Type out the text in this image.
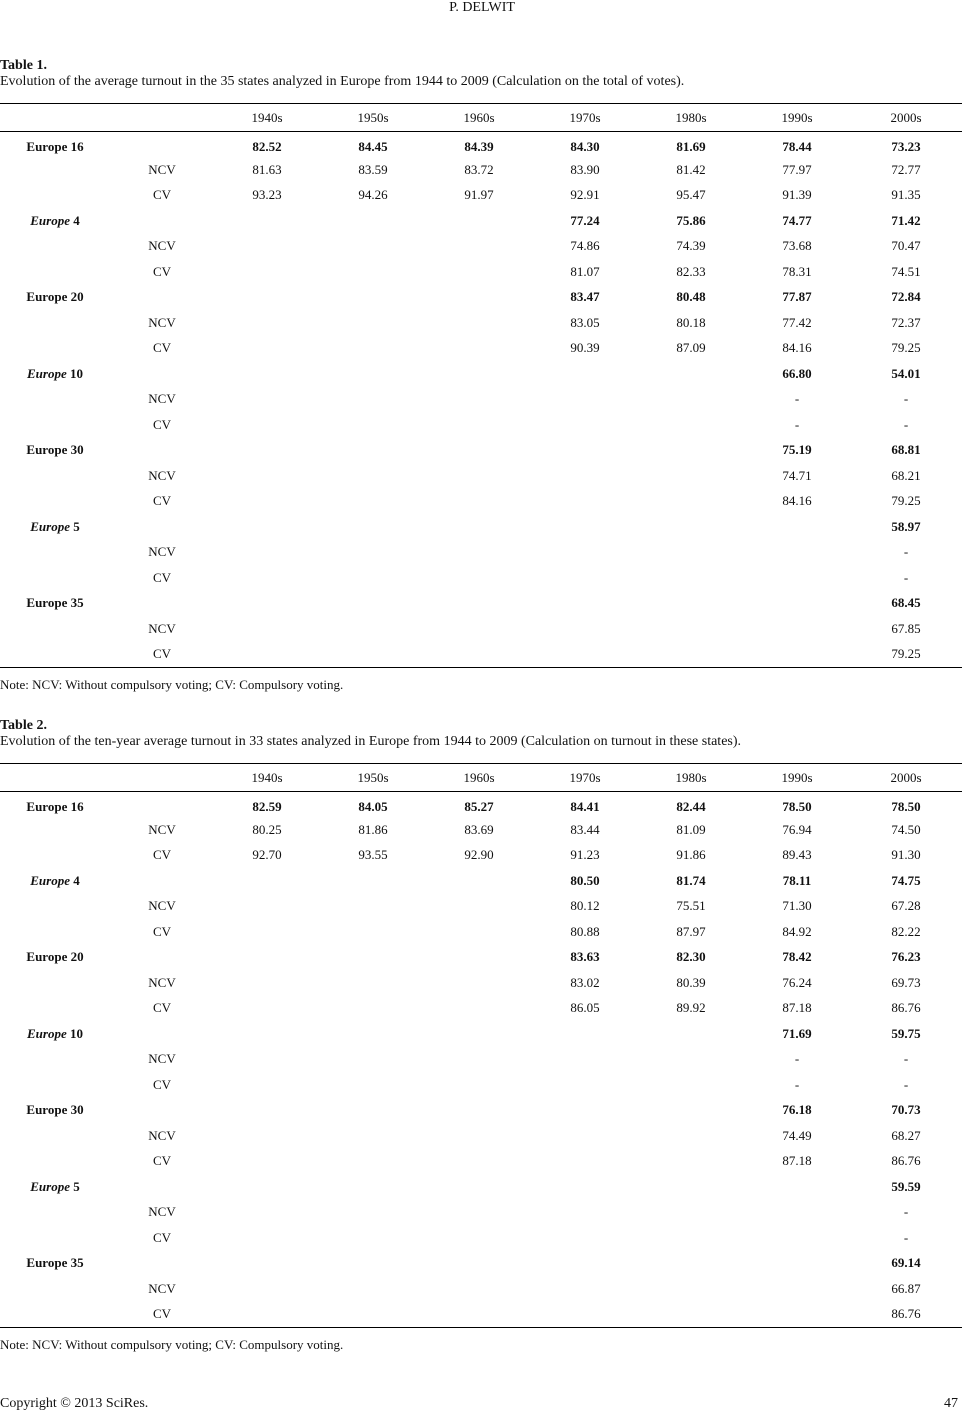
P. DELWIT
Table 1.
Evolution of the average turnout in the 35 states analyzed in Europe from 1944 to 2009 (Calculation on the total of votes).
		1940s	1950s	1960s	1970s	1980s	1990s	2000s
Europe 16		82.52	84.45	84.39	84.30	81.69	78.44	73.23
	NCV	81.63	83.59	83.72	83.90	81.42	77.97	72.77
	CV	93.23	94.26	91.97	92.91	95.47	91.39	91.35
Europe 4					77.24	75.86	74.77	71.42
	NCV				74.86	74.39	73.68	70.47
	CV				81.07	82.33	78.31	74.51
Europe 20					83.47	80.48	77.87	72.84
	NCV				83.05	80.18	77.42	72.37
	CV				90.39	87.09	84.16	79.25
Europe 10							66.80	54.01
	NCV						-	-
	CV						-	-
Europe 30							75.19	68.81
	NCV						74.71	68.21
	CV						84.16	79.25
Europe 5								58.97
	NCV							-
	CV							-
Europe 35								68.45
	NCV							67.85
	CV							79.25
Note: NCV: Without compulsory voting; CV: Compulsory voting.
Table 2.
Evolution of the ten-year average turnout in 33 states analyzed in Europe from 1944 to 2009 (Calculation on turnout in these states).
		1940s	1950s	1960s	1970s	1980s	1990s	2000s
Europe 16		82.59	84.05	85.27	84.41	82.44	78.50	78.50
	NCV	80.25	81.86	83.69	83.44	81.09	76.94	74.50
	CV	92.70	93.55	92.90	91.23	91.86	89.43	91.30
Europe 4					80.50	81.74	78.11	74.75
	NCV				80.12	75.51	71.30	67.28
	CV				80.88	87.97	84.92	82.22
Europe 20					83.63	82.30	78.42	76.23
	NCV				83.02	80.39	76.24	69.73
	CV				86.05	89.92	87.18	86.76
Europe 10							71.69	59.75
	NCV						-	-
	CV						-	-
Europe 30							76.18	70.73
	NCV						74.49	68.27
	CV						87.18	86.76
Europe 5								59.59
	NCV							-
	CV							-
Europe 35								69.14
	NCV							66.87
	CV							86.76
Note: NCV: Without compulsory voting; CV: Compulsory voting.
Copyright © 2013 SciRes.	47
